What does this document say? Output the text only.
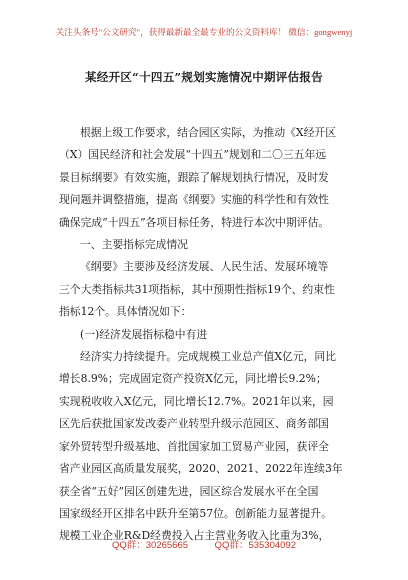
关注头条号"公文研究"，获得最新最全最专业的公文资料库！ 微信：gongwenyj
某经开区“十四五”规划实施情况中期评估报告
根据上级工作要求，结合园区实际，为推动《X经开区
（X）国民经济和社会发展“十四五”规划和二〇三五年远
景目标纲要》有效实施，跟踪了解规划执行情况，及时发
现问题并调整措施，提高《纲要》实施的科学性和有效性
确保完成“十四五”各项目标任务，特进行本次中期评估。
一、主要指标完成情况
《纲要》主要涉及经济发展、人民生活、发展环境等
三个大类指标共31项指标，其中预期性指标19个、约束性
指标12个。具体情况如下：
(一)经济发展指标稳中有进
经济实力持续提升。完成规模工业总产值X亿元，同比
增长8.9%；完成固定资产投资X亿元，同比增长9.2%；
实现税收收入X亿元，同比增长12.7%。2021年以来，园
区先后获批国家发改委产业转型升级示范园区、商务部国
家外贸转型升级基地、首批国家加工贸易产业园，获评全
省产业园区高质量发展奖，2020、2021、2022年连续3年
获全省“五好”园区创建先进，园区综合发展水平在全国
国家级经开区排名中跃升至第57位。创新能力显著提升。
规模工业企业R&D经费投入占主营业务收入比重为3%，
QQ群：30265665	QQ群：535304092
